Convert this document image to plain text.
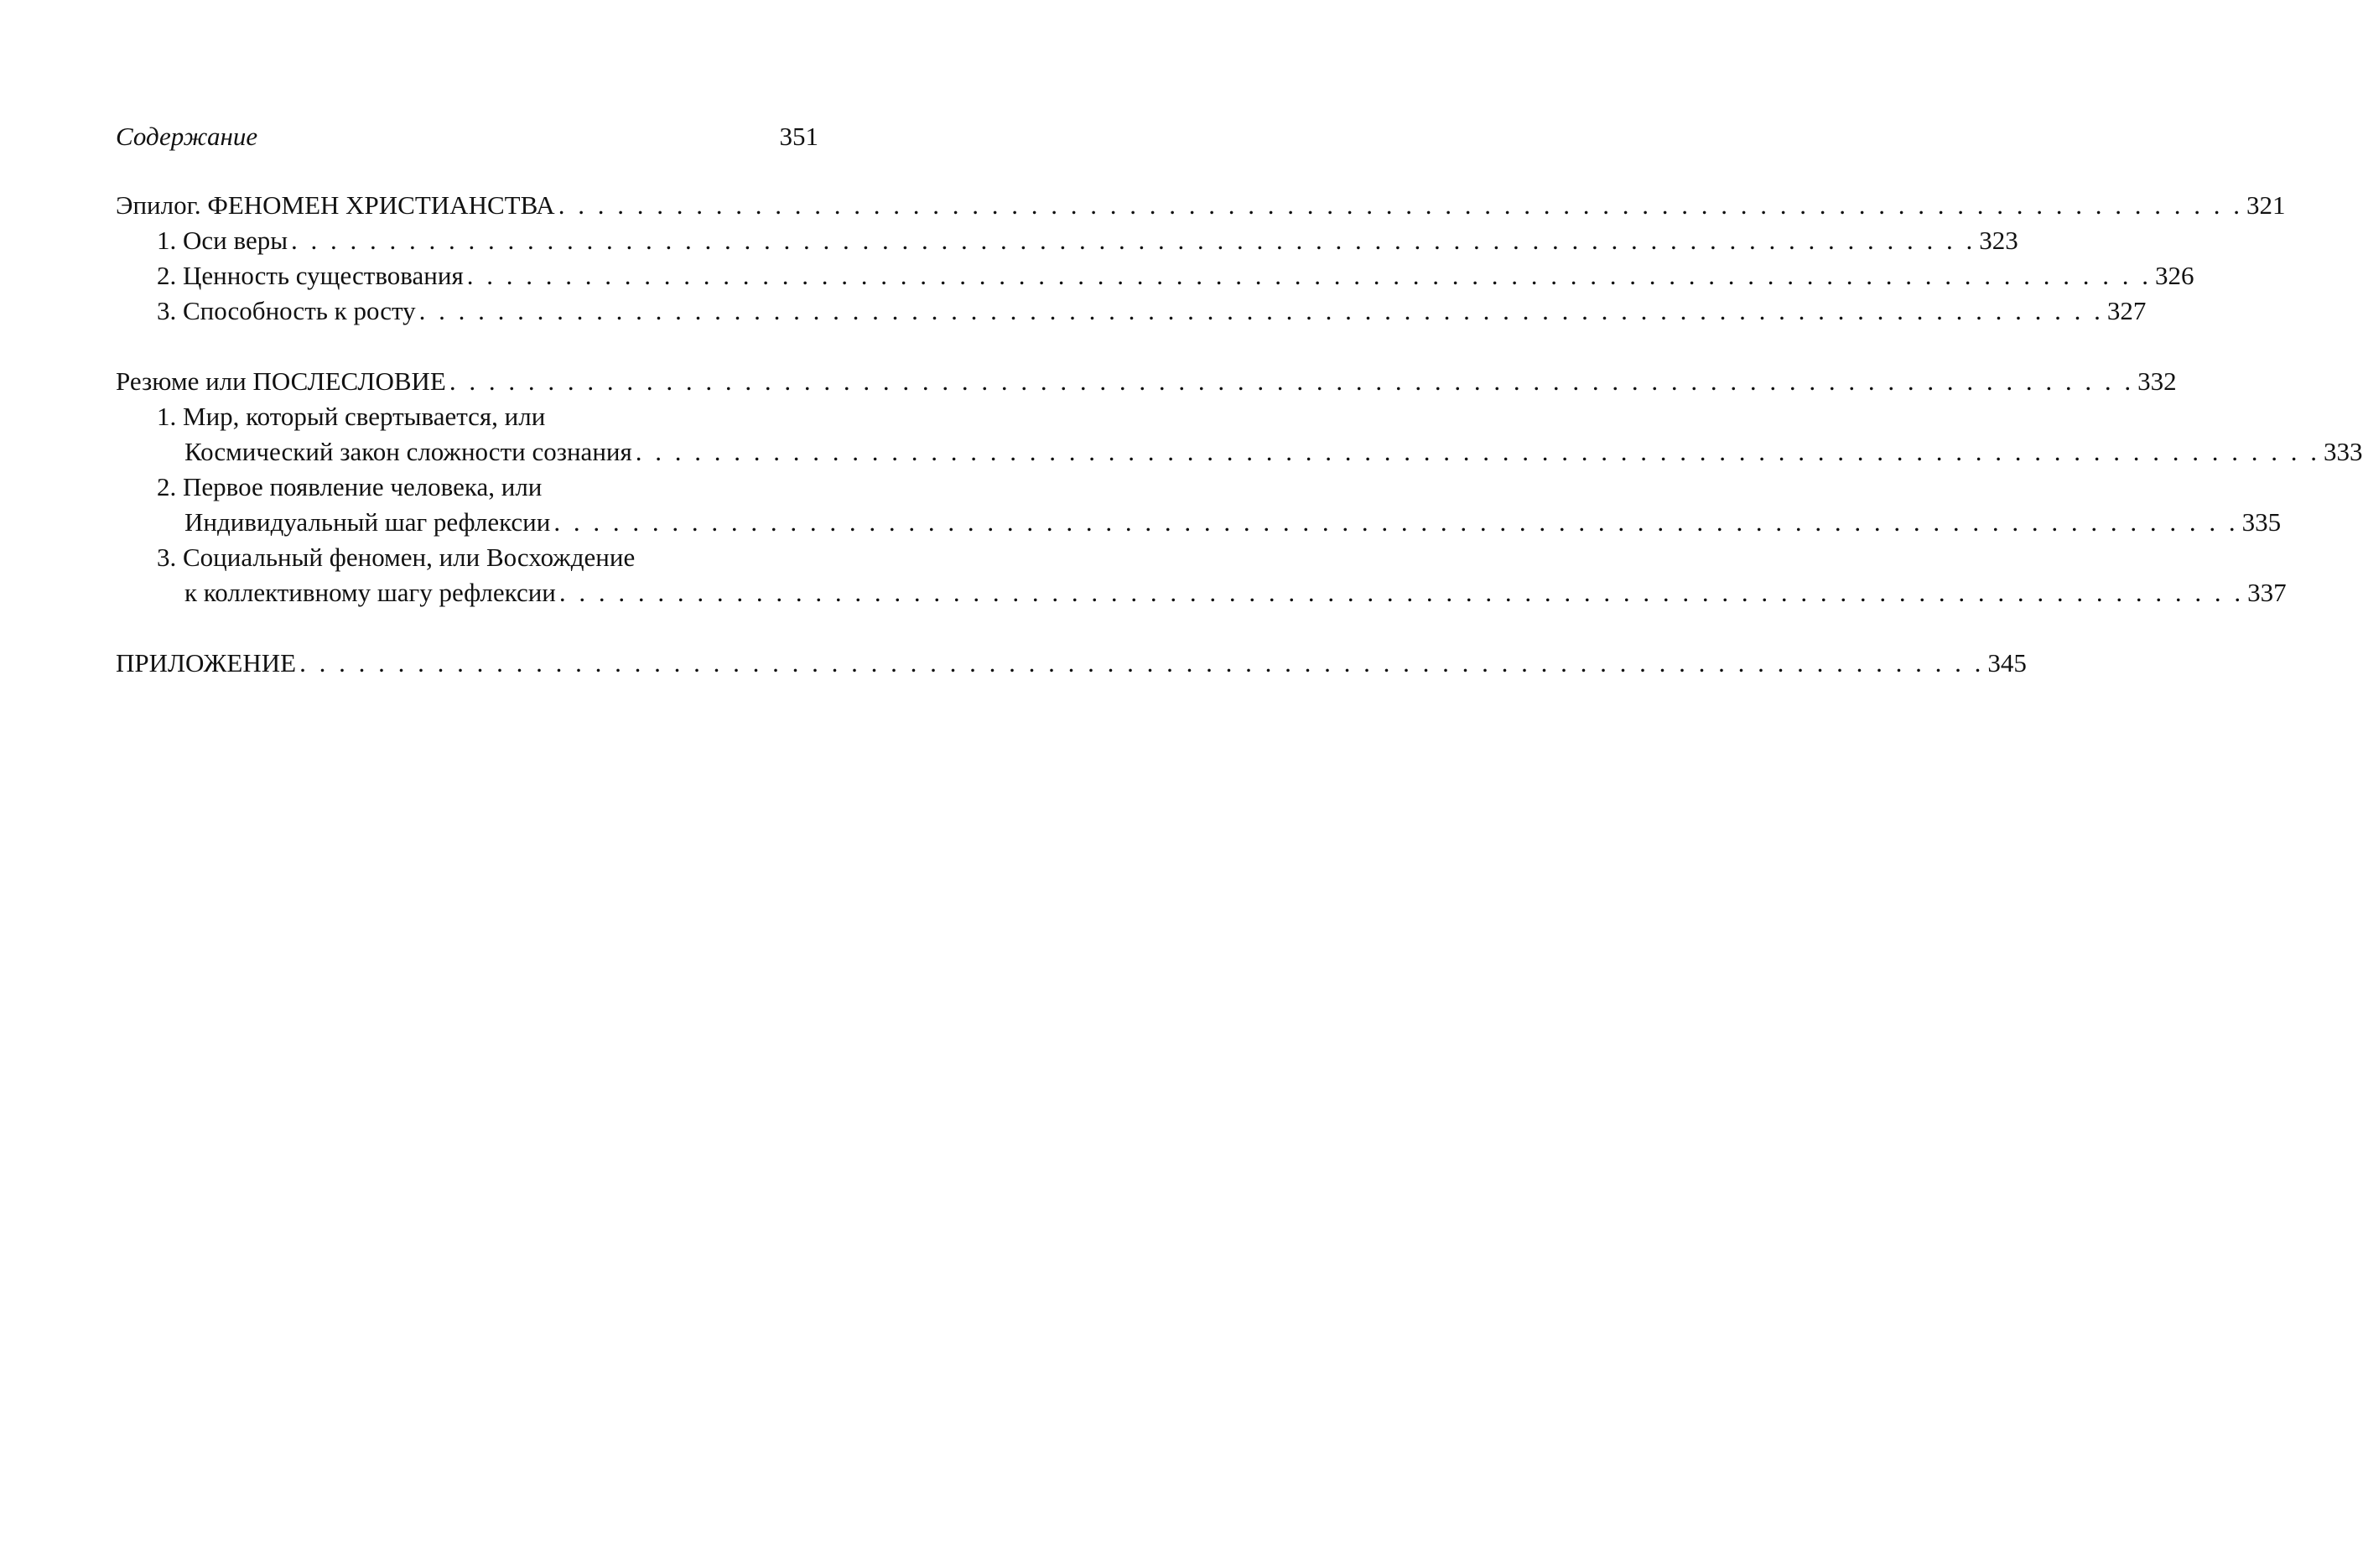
Содержание	351
Эпилог. ФЕНОМЕН ХРИСТИАНСТВА . . . . . . . . . . . . . . . . . . . . . . . . . . . . . . . . . . . . . . . . . . . . . . . . . . . . . . . . . . . . . . . . . . . . . . . . . . . . . . . . . . . . . . 321
1. Оси веры . . . . . . . . . . . . . . . . . . . . . . . . . . . . . . . . . . . . . . . . . . . . . . . . . . . . . . . . . . . . . . . . . . . . . . . . . . . . . . . . . . . . . . 323
2. Ценность существования . . . . . . . . . . . . . . . . . . . . . . . . . . . . . . . . . . . . . . . . . . . . . . . . . . . . . . . . . . . . . . . . . . . . . . . . . . . . . . . . . . . . . . 326
3. Способность к росту . . . . . . . . . . . . . . . . . . . . . . . . . . . . . . . . . . . . . . . . . . . . . . . . . . . . . . . . . . . . . . . . . . . . . . . . . . . . . . . . . . . . . . 327
Резюме или ПОСЛЕСЛОВИЕ . . . . . . . . . . . . . . . . . . . . . . . . . . . . . . . . . . . . . . . . . . . . . . . . . . . . . . . . . . . . . . . . . . . . . . . . . . . . . . . . . . . . . . 332
1. Мир, который свертывается, или
Космический закон сложности сознания . . . . . . . . . . . . . . . . . . . . . . . . . . . . . . . . . . . . . . . . . . . . . . . . . . . . . . . . . . . . . . . . . . . . . . . . . . . . . . . . . . . . . . 333
2. Первое появление человека, или
Индивидуальный шаг рефлексии . . . . . . . . . . . . . . . . . . . . . . . . . . . . . . . . . . . . . . . . . . . . . . . . . . . . . . . . . . . . . . . . . . . . . . . . . . . . . . . . . . . . . . 335
3. Социальный феномен, или Восхождение
к коллективному шагу рефлексии . . . . . . . . . . . . . . . . . . . . . . . . . . . . . . . . . . . . . . . . . . . . . . . . . . . . . . . . . . . . . . . . . . . . . . . . . . . . . . . . . . . . . . 337
ПРИЛОЖЕНИЕ . . . . . . . . . . . . . . . . . . . . . . . . . . . . . . . . . . . . . . . . . . . . . . . . . . . . . . . . . . . . . . . . . . . . . . . . . . . . . . . . . . . . . . 345
